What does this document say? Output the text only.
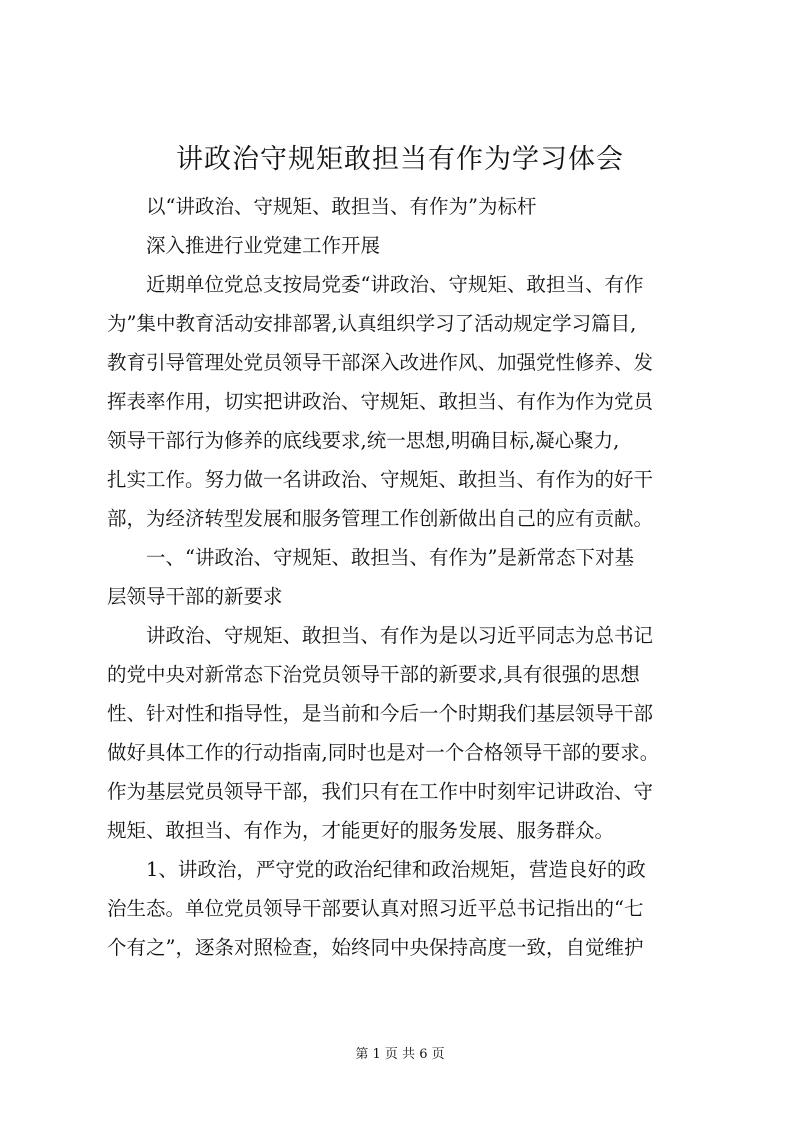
讲政治守规矩敢担当有作为学习体会
以“讲政治、守规矩、敢担当、有作为”为标杆
深入推进行业党建工作开展
近期单位党总支按局党委“讲政治、守规矩、敢担当、有作
为”集中教育活动安排部署,认真组织学习了活动规定学习篇目,
教育引导管理处党员领导干部深入改进作风、加强党性修养、发
挥表率作用，切实把讲政治、守规矩、敢担当、有作为作为党员
领导干部行为修养的底线要求,统一思想,明确目标,凝心聚力,
扎实工作。努力做一名讲政治、守规矩、敢担当、有作为的好干
部，为经济转型发展和服务管理工作创新做出自己的应有贡献。
一、“讲政治、守规矩、敢担当、有作为”是新常态下对基
层领导干部的新要求
讲政治、守规矩、敢担当、有作为是以习近平同志为总书记
的党中央对新常态下治党员领导干部的新要求,具有很强的思想
性、针对性和指导性，是当前和今后一个时期我们基层领导干部
做好具体工作的行动指南,同时也是对一个合格领导干部的要求。
作为基层党员领导干部，我们只有在工作中时刻牢记讲政治、守
规矩、敢担当、有作为，才能更好的服务发展、服务群众。
1、讲政治，严守党的政治纪律和政治规矩，营造良好的政
治生态。单位党员领导干部要认真对照习近平总书记指出的“七
个有之”，逐条对照检查，始终同中央保持高度一致，自觉维护
第 1 页 共 6 页
